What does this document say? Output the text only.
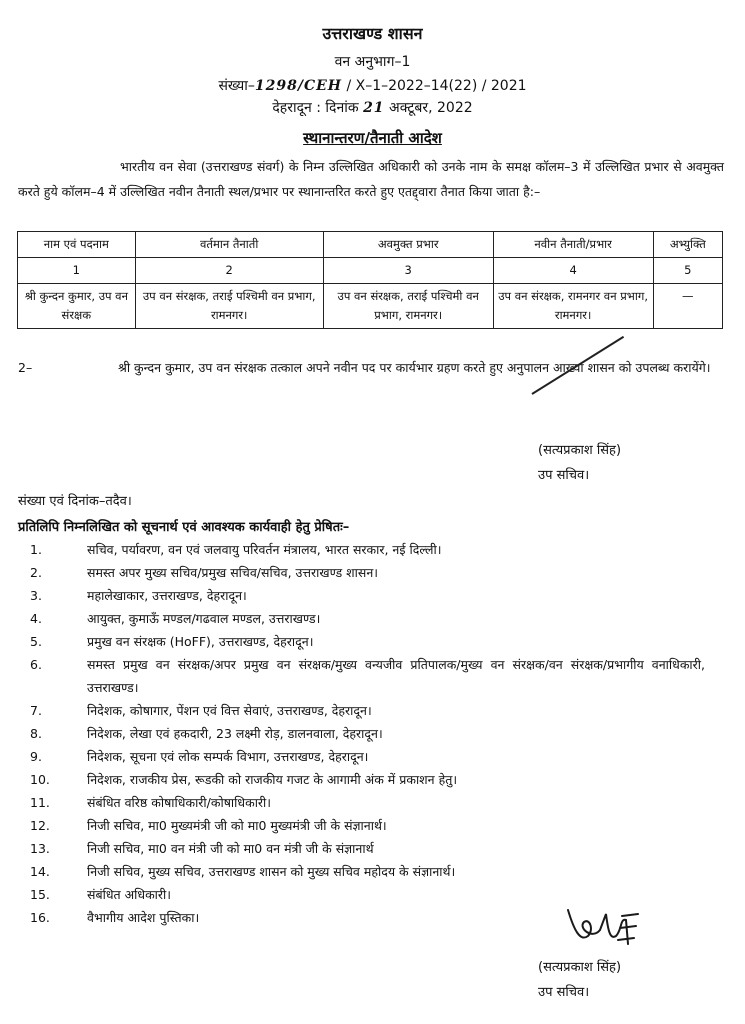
उत्तराखण्ड शासन
वन अनुभाग–1
संख्या–1298/CEH / X–1–2022–14(22) / 2021
देहरादून : दिनांक 21 अक्टूबर, 2022
स्थानान्तरण/तैनाती आदेश
भारतीय वन सेवा (उत्तराखण्ड संवर्ग) के निम्न उल्लिखित अधिकारी को उनके नाम के समक्ष कॉलम–3 में उल्लिखित प्रभार से अवमुक्त करते हुये कॉलम–4 में उल्लिखित नवीन तैनाती स्थल/प्रभार पर स्थानान्तरित करते हुए एतद्द्वारा तैनात किया जाता है:–
नाम एवं पदनाम	वर्तमान तैनाती	अवमुक्त प्रभार	नवीन तैनाती/प्रभार	अभ्युक्ति
1	2	3	4	5
श्री कुन्दन कुमार, उप वन संरक्षक	उप वन संरक्षक, तराई पश्चिमी वन प्रभाग, रामनगर।	उप वन संरक्षक, तराई पश्चिमी वन प्रभाग, रामनगर।	उप वन संरक्षक, रामनगर वन प्रभाग, रामनगर।	—
2–	श्री कुन्दन कुमार, उप वन संरक्षक तत्काल अपने नवीन पद पर कार्यभार ग्रहण करते हुए अनुपालन आख्या शासन को उपलब्ध करायेंगे।
(सत्यप्रकाश सिंह)
उप सचिव।
संख्या एवं दिनांक–तदैव।
प्रतिलिपि निम्नलिखित को सूचनार्थ एवं आवश्यक कार्यवाही हेतु प्रेषितः–
1.	सचिव, पर्यावरण, वन एवं जलवायु परिवर्तन मंत्रालय, भारत सरकार, नई दिल्ली।
2.	समस्त अपर मुख्य सचिव/प्रमुख सचिव/सचिव, उत्तराखण्ड शासन।
3.	महालेखाकार, उत्तराखण्ड, देहरादून।
4.	आयुक्त, कुमाऊँ मण्डल/गढवाल मण्डल, उत्तराखण्ड।
5.	प्रमुख वन संरक्षक (HoFF), उत्तराखण्ड, देहरादून।
6.	समस्त प्रमुख वन संरक्षक/अपर प्रमुख वन संरक्षक/मुख्य वन्यजीव प्रतिपालक/मुख्य वन संरक्षक/वन संरक्षक/प्रभागीय वनाधिकारी, उत्तराखण्ड।
7.	निदेशक, कोषागार, पेंशन एवं वित्त सेवाएं, उत्तराखण्ड, देहरादून।
8.	निदेशक, लेखा एवं हकदारी, 23 लक्ष्मी रोड़, डालनवाला, देहरादून।
9.	निदेशक, सूचना एवं लोक सम्पर्क विभाग, उत्तराखण्ड, देहरादून।
10.	निदेशक, राजकीय प्रेस, रूडकी को राजकीय गजट के आगामी अंक में प्रकाशन हेतु।
11.	संबंधित वरिष्ठ कोषाधिकारी/कोषाधिकारी।
12.	निजी सचिव, मा0 मुख्यमंत्री जी को मा0 मुख्यमंत्री जी के संज्ञानार्थ।
13.	निजी सचिव, मा0 वन मंत्री जी को मा0 वन मंत्री जी के संज्ञानार्थ
14.	निजी सचिव, मुख्य सचिव, उत्तराखण्ड शासन को मुख्य सचिव महोदय के संज्ञानार्थ।
15.	संबंधित अधिकारी।
16.	वैभागीय आदेश पुस्तिका।
(सत्यप्रकाश सिंह)
उप सचिव।
